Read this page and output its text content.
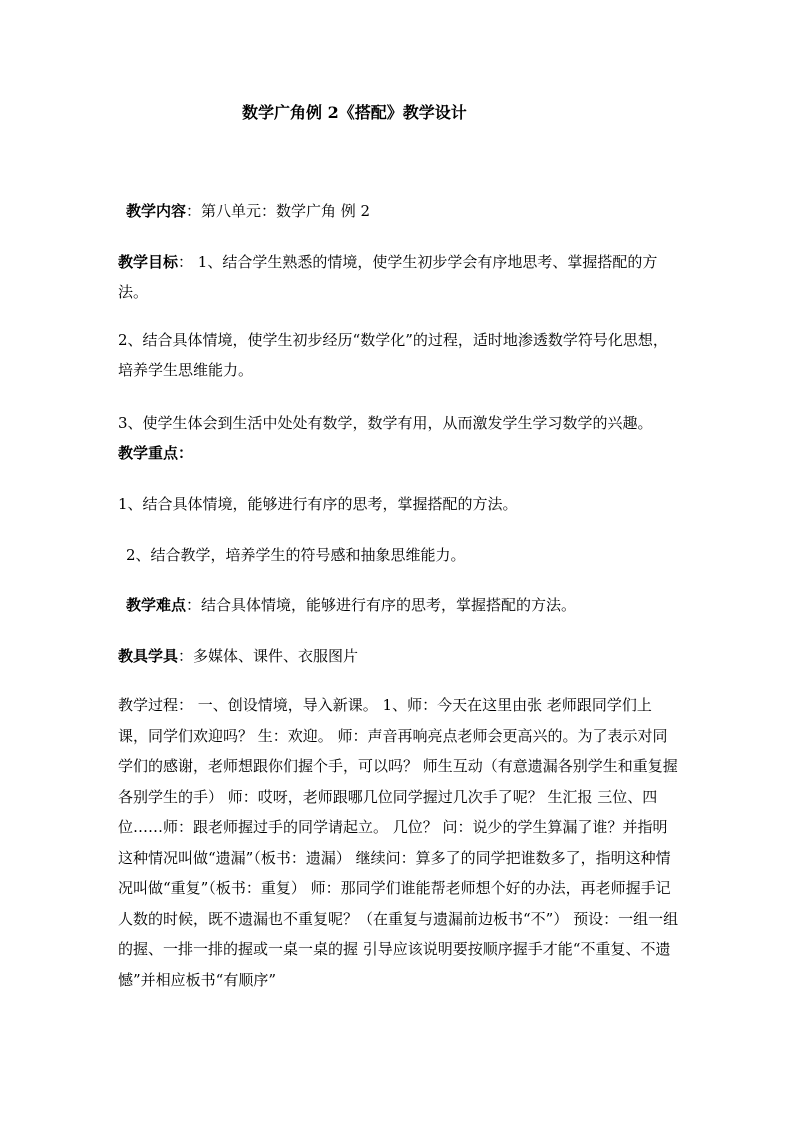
数学广角例 2《搭配》教学设计
教学内容：第八单元：数学广角 例 2
教学目标： 1、结合学生熟悉的情境，使学生初步学会有序地思考、掌握搭配的方法。
2、结合具体情境，使学生初步经历“数学化”的过程，适时地渗透数学符号化思想，培养学生思维能力。
3、使学生体会到生活中处处有数学，数学有用，从而激发学生学习数学的兴趣。
教学重点：
1、结合具体情境，能够进行有序的思考，掌握搭配的方法。
2、结合教学，培养学生的符号感和抽象思维能力。
教学难点：结合具体情境，能够进行有序的思考，掌握搭配的方法。
教具学具：多媒体、课件、衣服图片
教学过程： 一、创设情境，导入新课。 1、师：今天在这里由张 老师跟同学们上课，同学们欢迎吗？ 生：欢迎。 师：声音再响亮点老师会更高兴的。为了表示对同学们的感谢，老师想跟你们握个手，可以吗？ 师生互动（有意遗漏各别学生和重复握各别学生的手） 师：哎呀，老师跟哪几位同学握过几次手了呢？ 生汇报 三位、四位……师：跟老师握过手的同学请起立。 几位？ 问：说少的学生算漏了谁？并指明这种情况叫做“遗漏”（板书：遗漏） 继续问：算多了的同学把谁数多了，指明这种情况叫做“重复”（板书：重复） 师：那同学们谁能帮老师想个好的办法，再老师握手记人数的时候，既不遗漏也不重复呢？（在重复与遗漏前边板书“不”） 预设：一组一组的握、一排一排的握或一桌一桌的握 引导应该说明要按顺序握手才能“不重复、不遗憾”并相应板书“有顺序”
